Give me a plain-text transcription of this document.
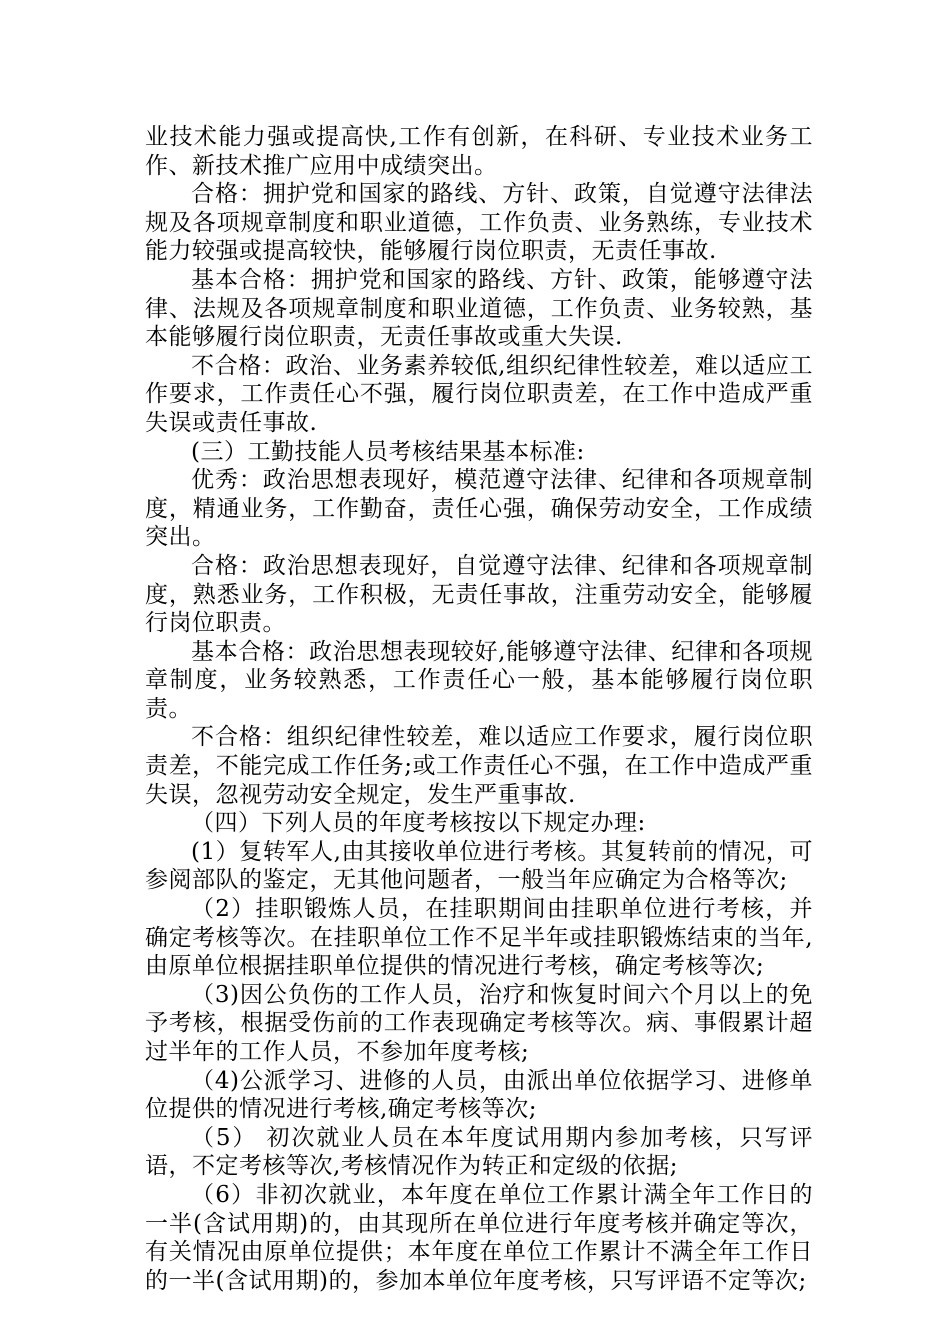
业技术能力强或提高快,工作有创新，在科研、专业技术业务工作、新技术推广应用中成绩突出。

合格：拥护党和国家的路线、方针、政策，自觉遵守法律法规及各项规章制度和职业道德，工作负责、业务熟练，专业技术能力较强或提高较快，能够履行岗位职责，无责任事故.

基本合格：拥护党和国家的路线、方针、政策，能够遵守法律、法规及各项规章制度和职业道德，工作负责、业务较熟，基本能够履行岗位职责，无责任事故或重大失误.

不合格：政治、业务素养较低,组织纪律性较差，难以适应工作要求，工作责任心不强，履行岗位职责差，在工作中造成严重失误或责任事故.

(三）工勤技能人员考核结果基本标准:

优秀：政治思想表现好，模范遵守法律、纪律和各项规章制度，精通业务，工作勤奋，责任心强，确保劳动安全，工作成绩突出。

合格：政治思想表现好，自觉遵守法律、纪律和各项规章制度，熟悉业务，工作积极，无责任事故，注重劳动安全，能够履行岗位职责。

基本合格：政治思想表现较好,能够遵守法律、纪律和各项规章制度，业务较熟悉，工作责任心一般，基本能够履行岗位职责。

不合格：组织纪律性较差，难以适应工作要求，履行岗位职责差，不能完成工作任务;或工作责任心不强，在工作中造成严重失误，忽视劳动安全规定，发生严重事故.

（四）下列人员的年度考核按以下规定办理:

(1）复转军人,由其接收单位进行考核。其复转前的情况，可参阅部队的鉴定，无其他问题者，一般当年应确定为合格等次;

（2）挂职锻炼人员，在挂职期间由挂职单位进行考核，并确定考核等次。在挂职单位工作不足半年或挂职锻炼结束的当年,由原单位根据挂职单位提供的情况进行考核，确定考核等次;

（3)因公负伤的工作人员，治疗和恢复时间六个月以上的免予考核，根据受伤前的工作表现确定考核等次。病、事假累计超过半年的工作人员，不参加年度考核;

（4)公派学习、进修的人员，由派出单位依据学习、进修单位提供的情况进行考核,确定考核等次;

（5） 初次就业人员在本年度试用期内参加考核，只写评语，不定考核等次,考核情况作为转正和定级的依据;

（6）非初次就业，本年度在单位工作累计满全年工作日的一半(含试用期)的，由其现所在单位进行年度考核并确定等次，有关情况由原单位提供；本年度在单位工作累计不满全年工作日的一半(含试用期)的，参加本单位年度考核，只写评语不定等次;
